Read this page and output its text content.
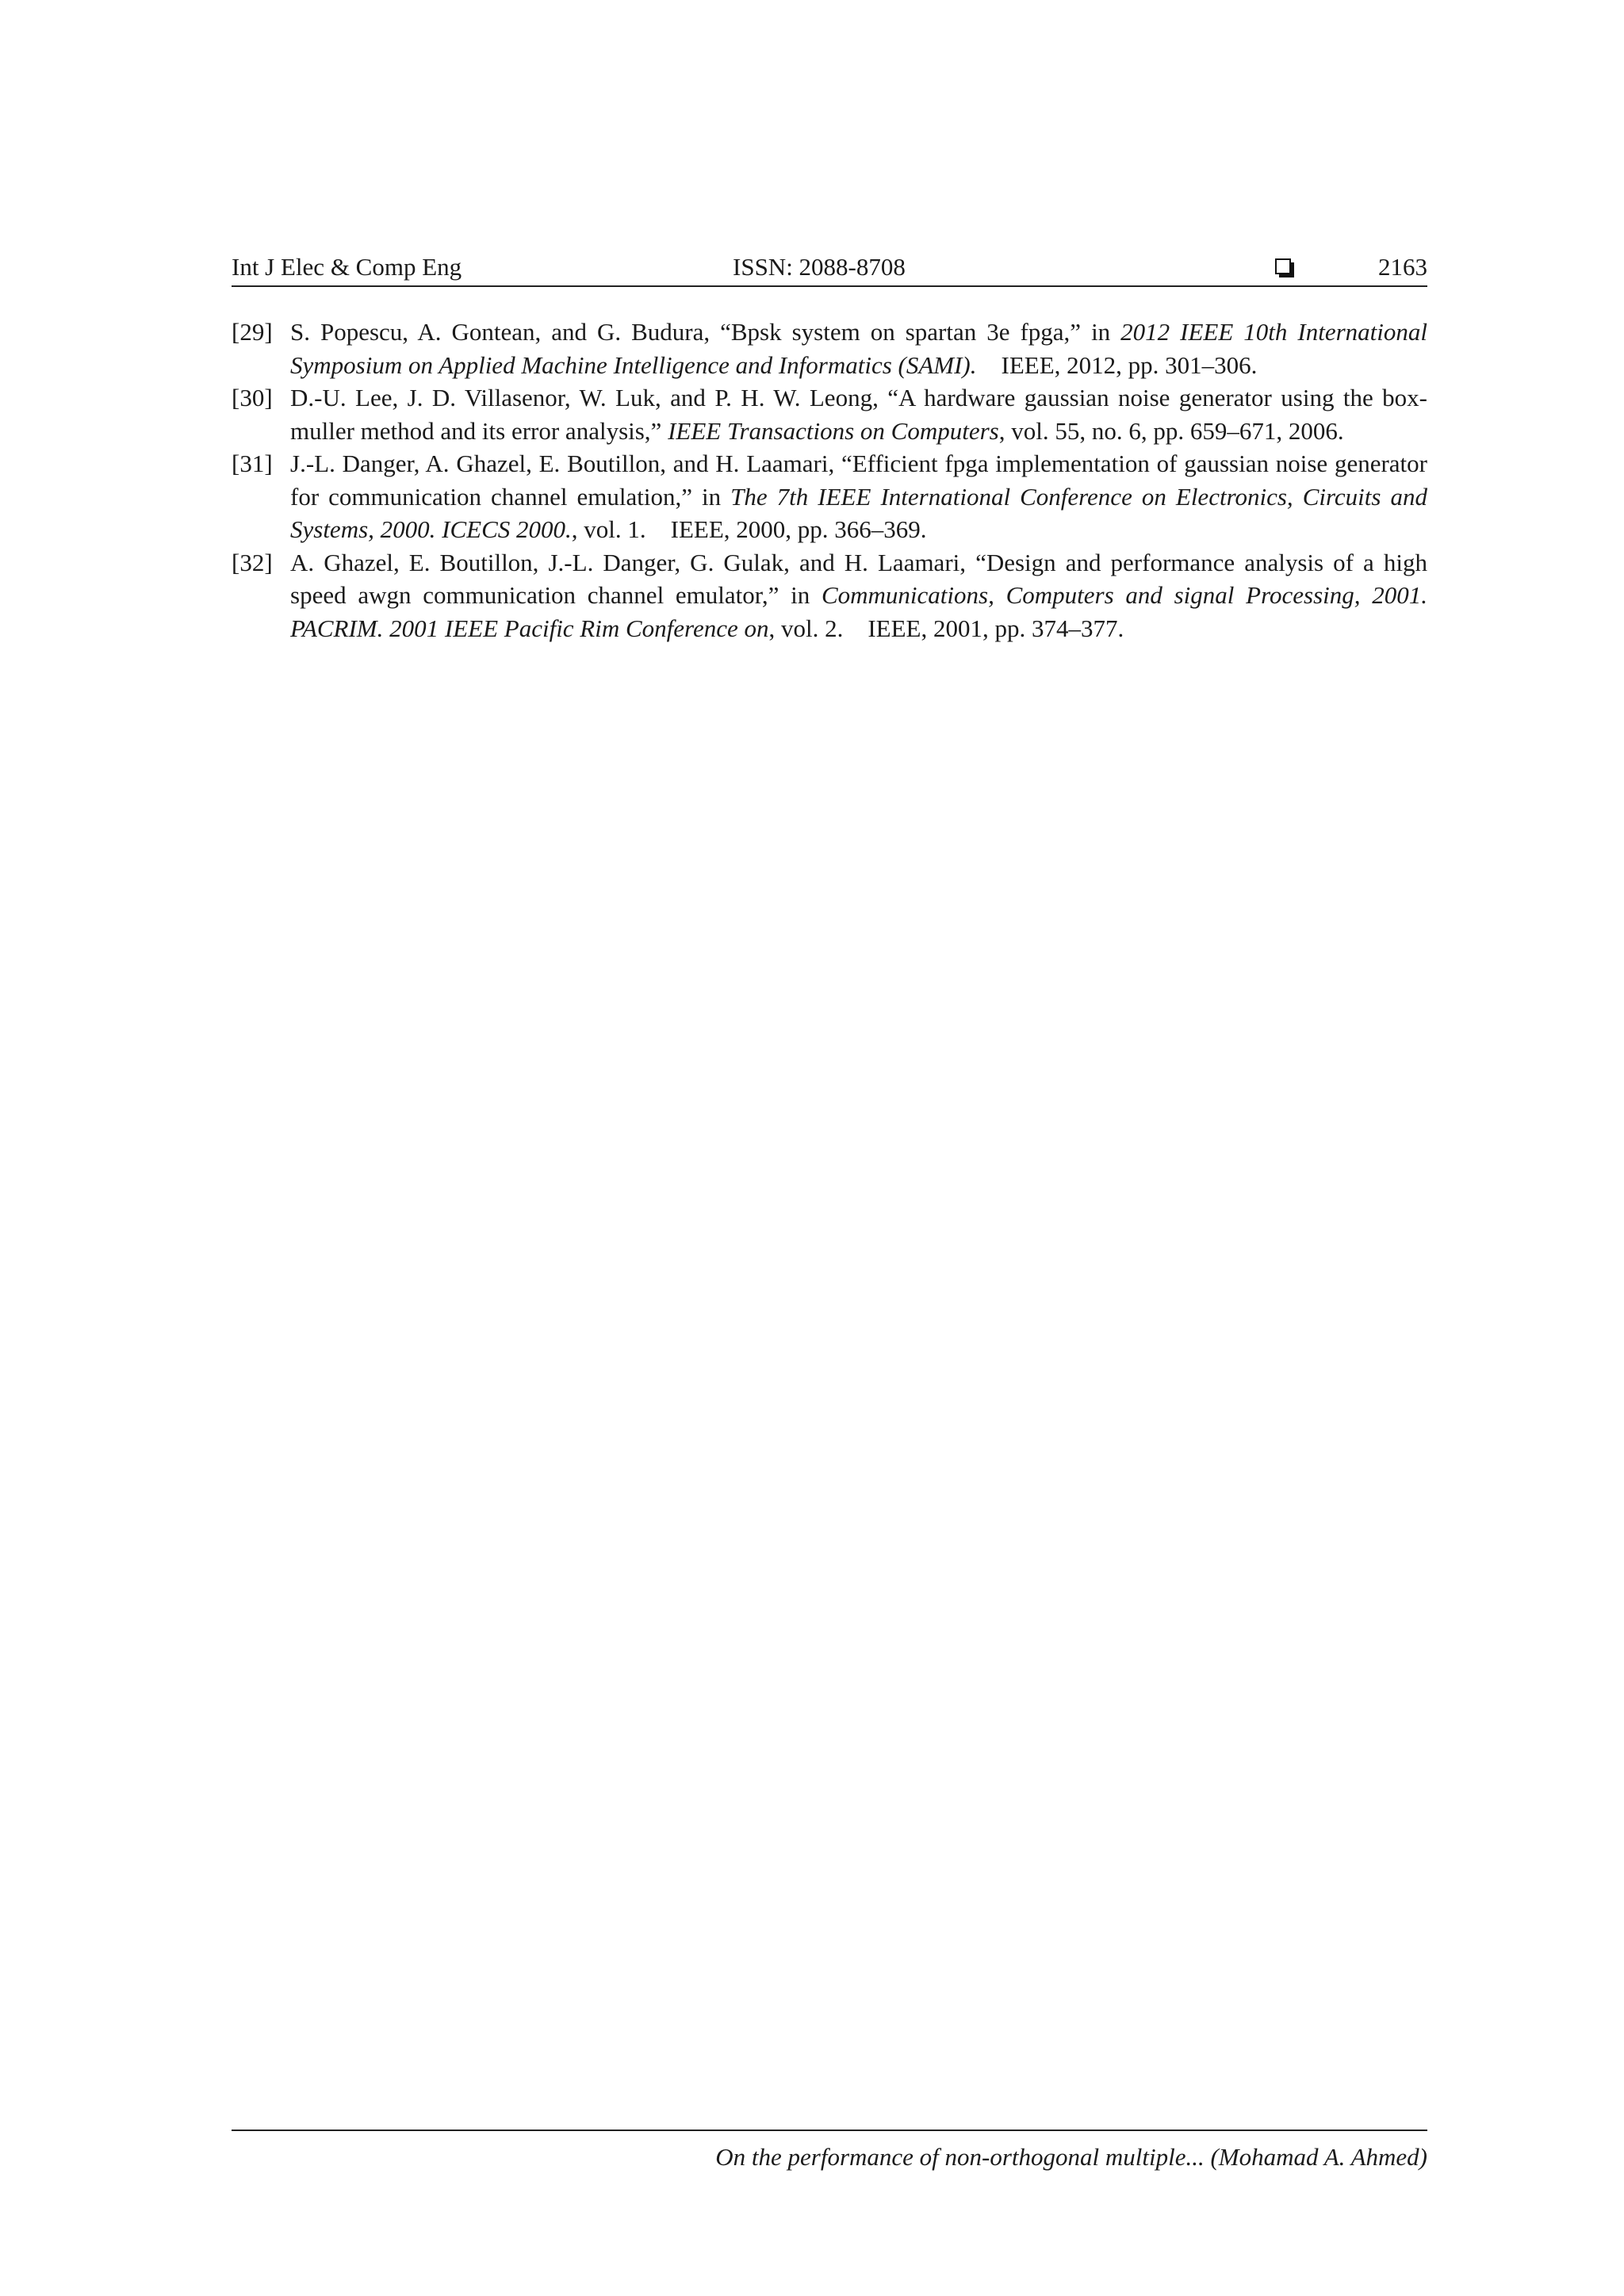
Int J Elec & Comp Eng	ISSN: 2088-8708	2163
[29] S. Popescu, A. Gontean, and G. Budura, “Bpsk system on spartan 3e fpga,” in 2012 IEEE 10th International Symposium on Applied Machine Intelligence and Informatics (SAMI). IEEE, 2012, pp. 301–306.
[30] D.-U. Lee, J. D. Villasenor, W. Luk, and P. H. W. Leong, “A hardware gaussian noise generator using the box-muller method and its error analysis,” IEEE Transactions on Computers, vol. 55, no. 6, pp. 659–671, 2006.
[31] J.-L. Danger, A. Ghazel, E. Boutillon, and H. Laamari, “Efficient fpga implementation of gaussian noise generator for communication channel emulation,” in The 7th IEEE International Conference on Electronics, Circuits and Systems, 2000. ICECS 2000., vol. 1. IEEE, 2000, pp. 366–369.
[32] A. Ghazel, E. Boutillon, J.-L. Danger, G. Gulak, and H. Laamari, “Design and performance analysis of a high speed awgn communication channel emulator,” in Communications, Computers and signal Processing, 2001. PACRIM. 2001 IEEE Pacific Rim Conference on, vol. 2. IEEE, 2001, pp. 374–377.
On the performance of non-orthogonal multiple... (Mohamad A. Ahmed)
